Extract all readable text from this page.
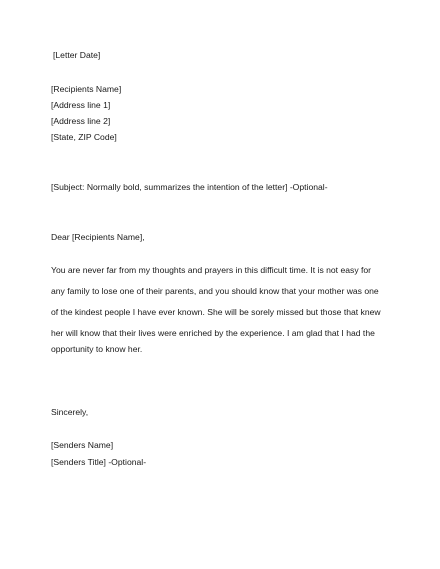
[Letter Date]
[Recipients Name]
[Address line 1]
[Address line 2]
[State, ZIP Code]
[Subject: Normally bold, summarizes the intention of the letter] -Optional-
Dear [Recipients Name],
You are never far from my thoughts and prayers in this difficult time. It is not easy for
any family to lose one of their parents, and you should know that your mother was one
of the kindest people I have ever known. She will be sorely missed but those that knew
her will know that their lives were enriched by the experience. I am glad that I had the
opportunity to know her.
Sincerely,
[Senders Name]
[Senders Title] -Optional-
